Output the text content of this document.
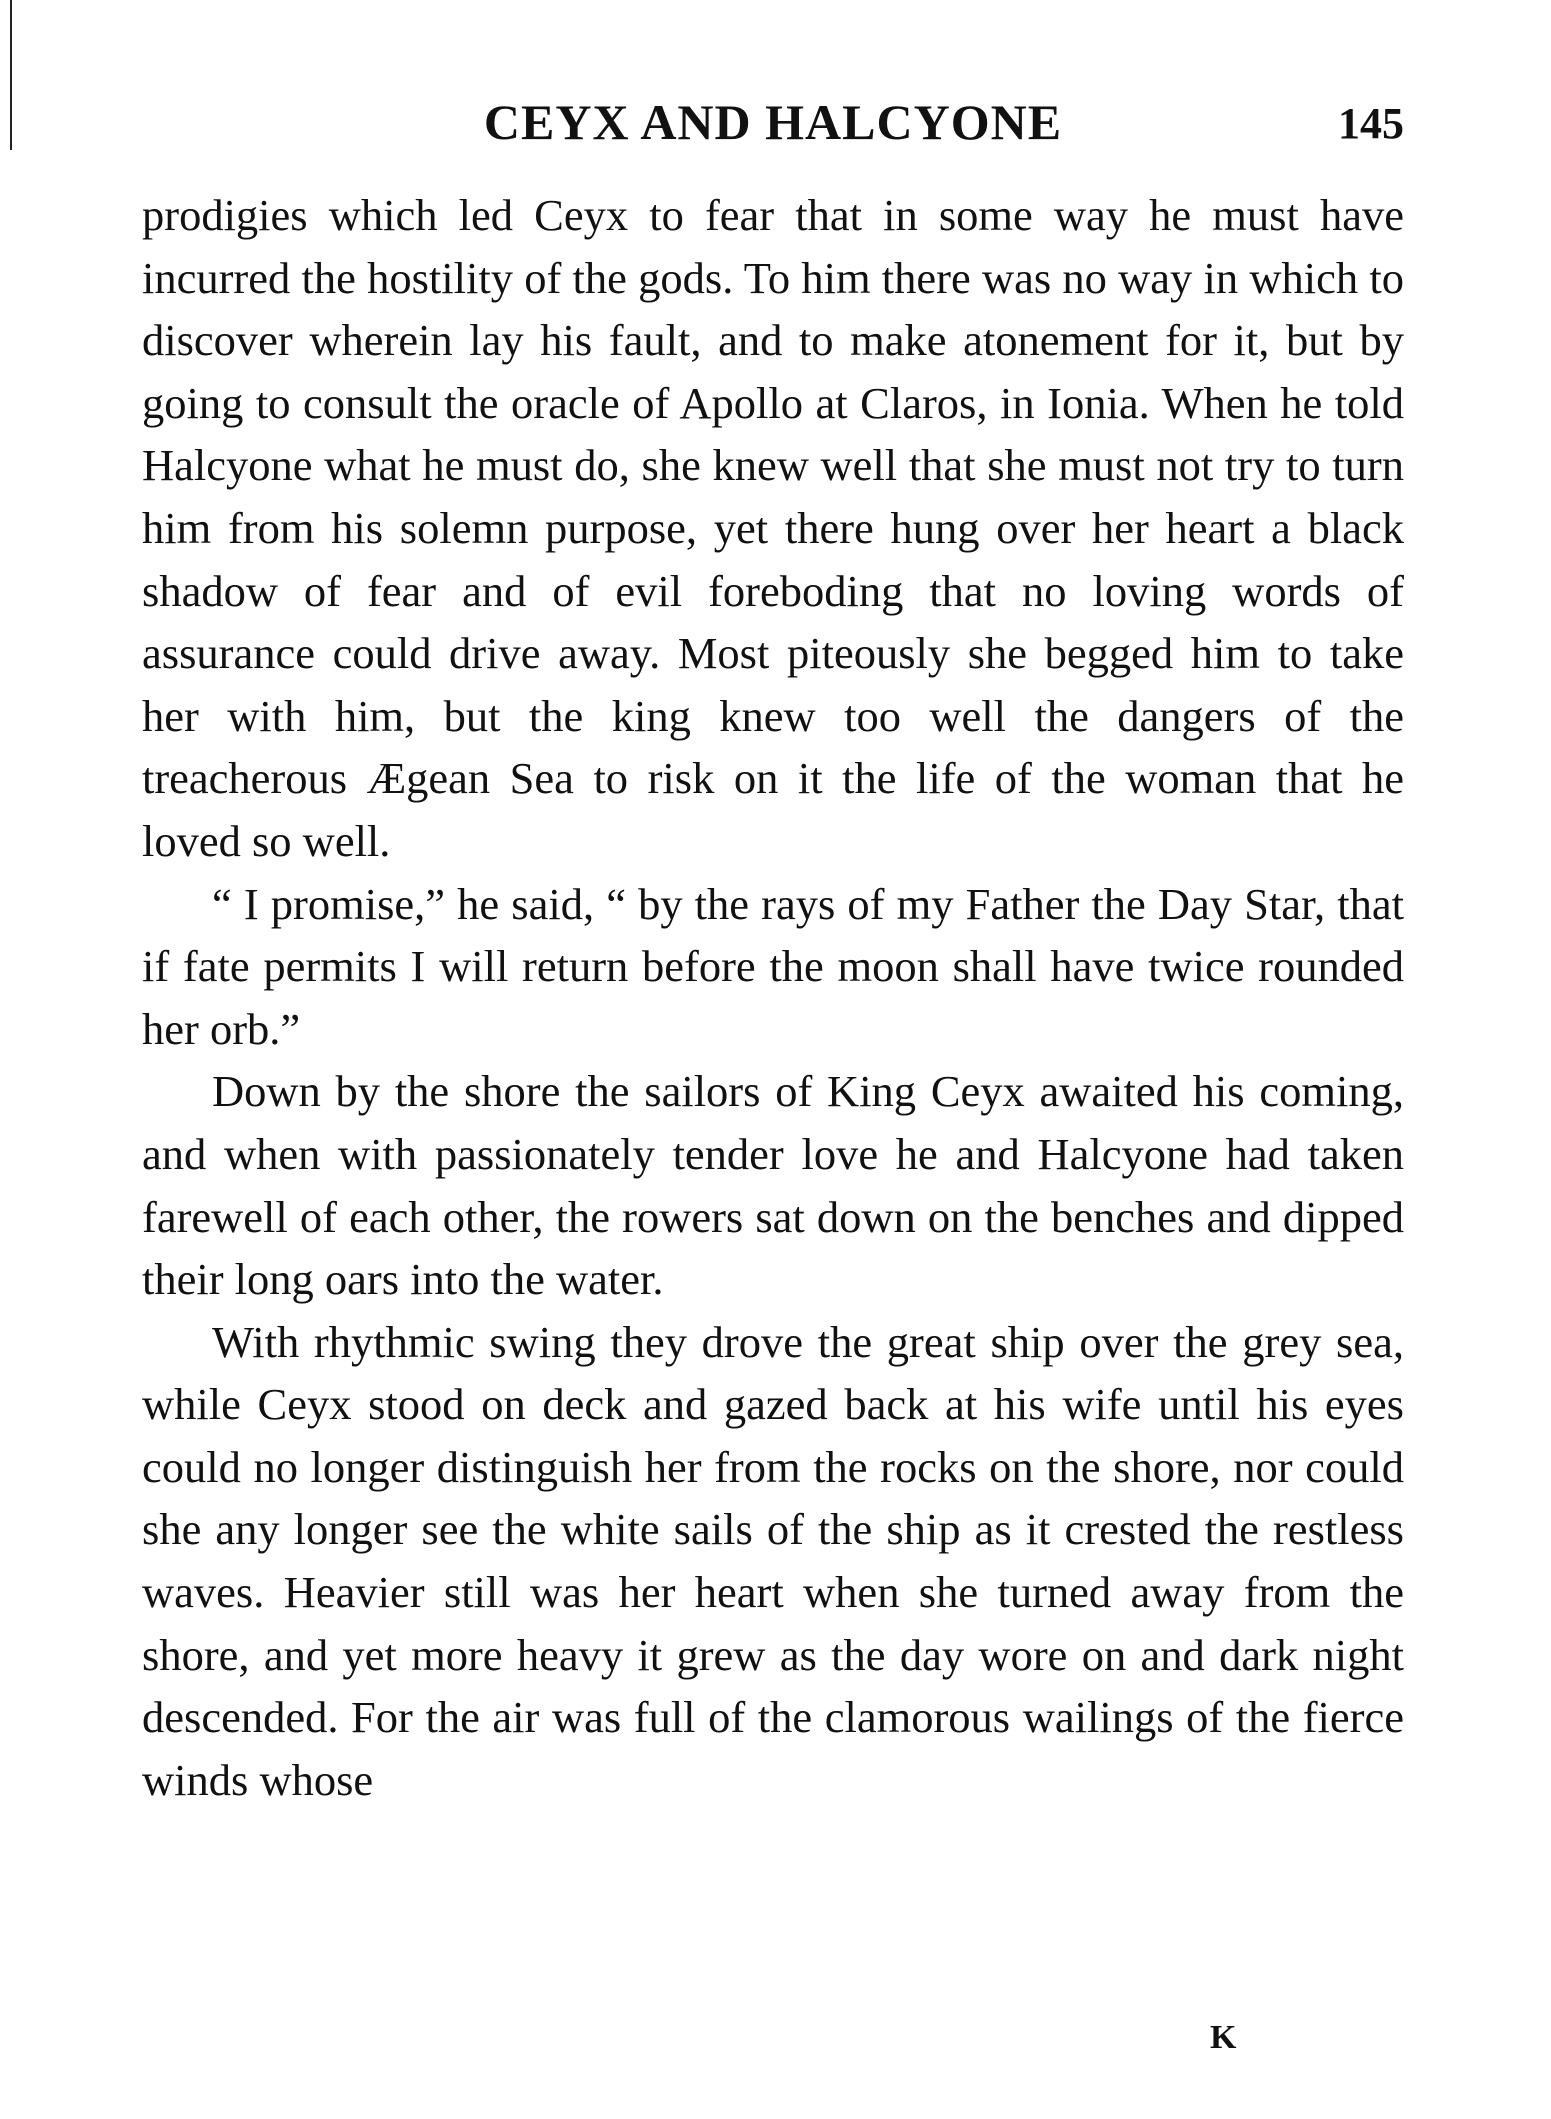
CEYX AND HALCYONE	145

prodigies which led Ceyx to fear that in some way he must have incurred the hostility of the gods. To him there was no way in which to discover wherein lay his fault, and to make atonement for it, but by going to consult the oracle of Apollo at Claros, in Ionia. When he told Halcyone what he must do, she knew well that she must not try to turn him from his solemn purpose, yet there hung over her heart a black shadow of fear and of evil foreboding that no loving words of assurance could drive away. Most piteously she begged him to take her with him, but the king knew too well the dangers of the treacherous Ægean Sea to risk on it the life of the woman that he loved so well.

“ I promise,” he said, “ by the rays of my Father the Day Star, that if fate permits I will return before the moon shall have twice rounded her orb.”

Down by the shore the sailors of King Ceyx awaited his coming, and when with passionately tender love he and Halcyone had taken farewell of each other, the rowers sat down on the benches and dipped their long oars into the water.

With rhythmic swing they drove the great ship over the grey sea, while Ceyx stood on deck and gazed back at his wife until his eyes could no longer distinguish her from the rocks on the shore, nor could she any longer see the white sails of the ship as it crested the restless waves. Heavier still was her heart when she turned away from the shore, and yet more heavy it grew as the day wore on and dark night descended. For the air was full of the clamorous wailings of the fierce winds whose

K
